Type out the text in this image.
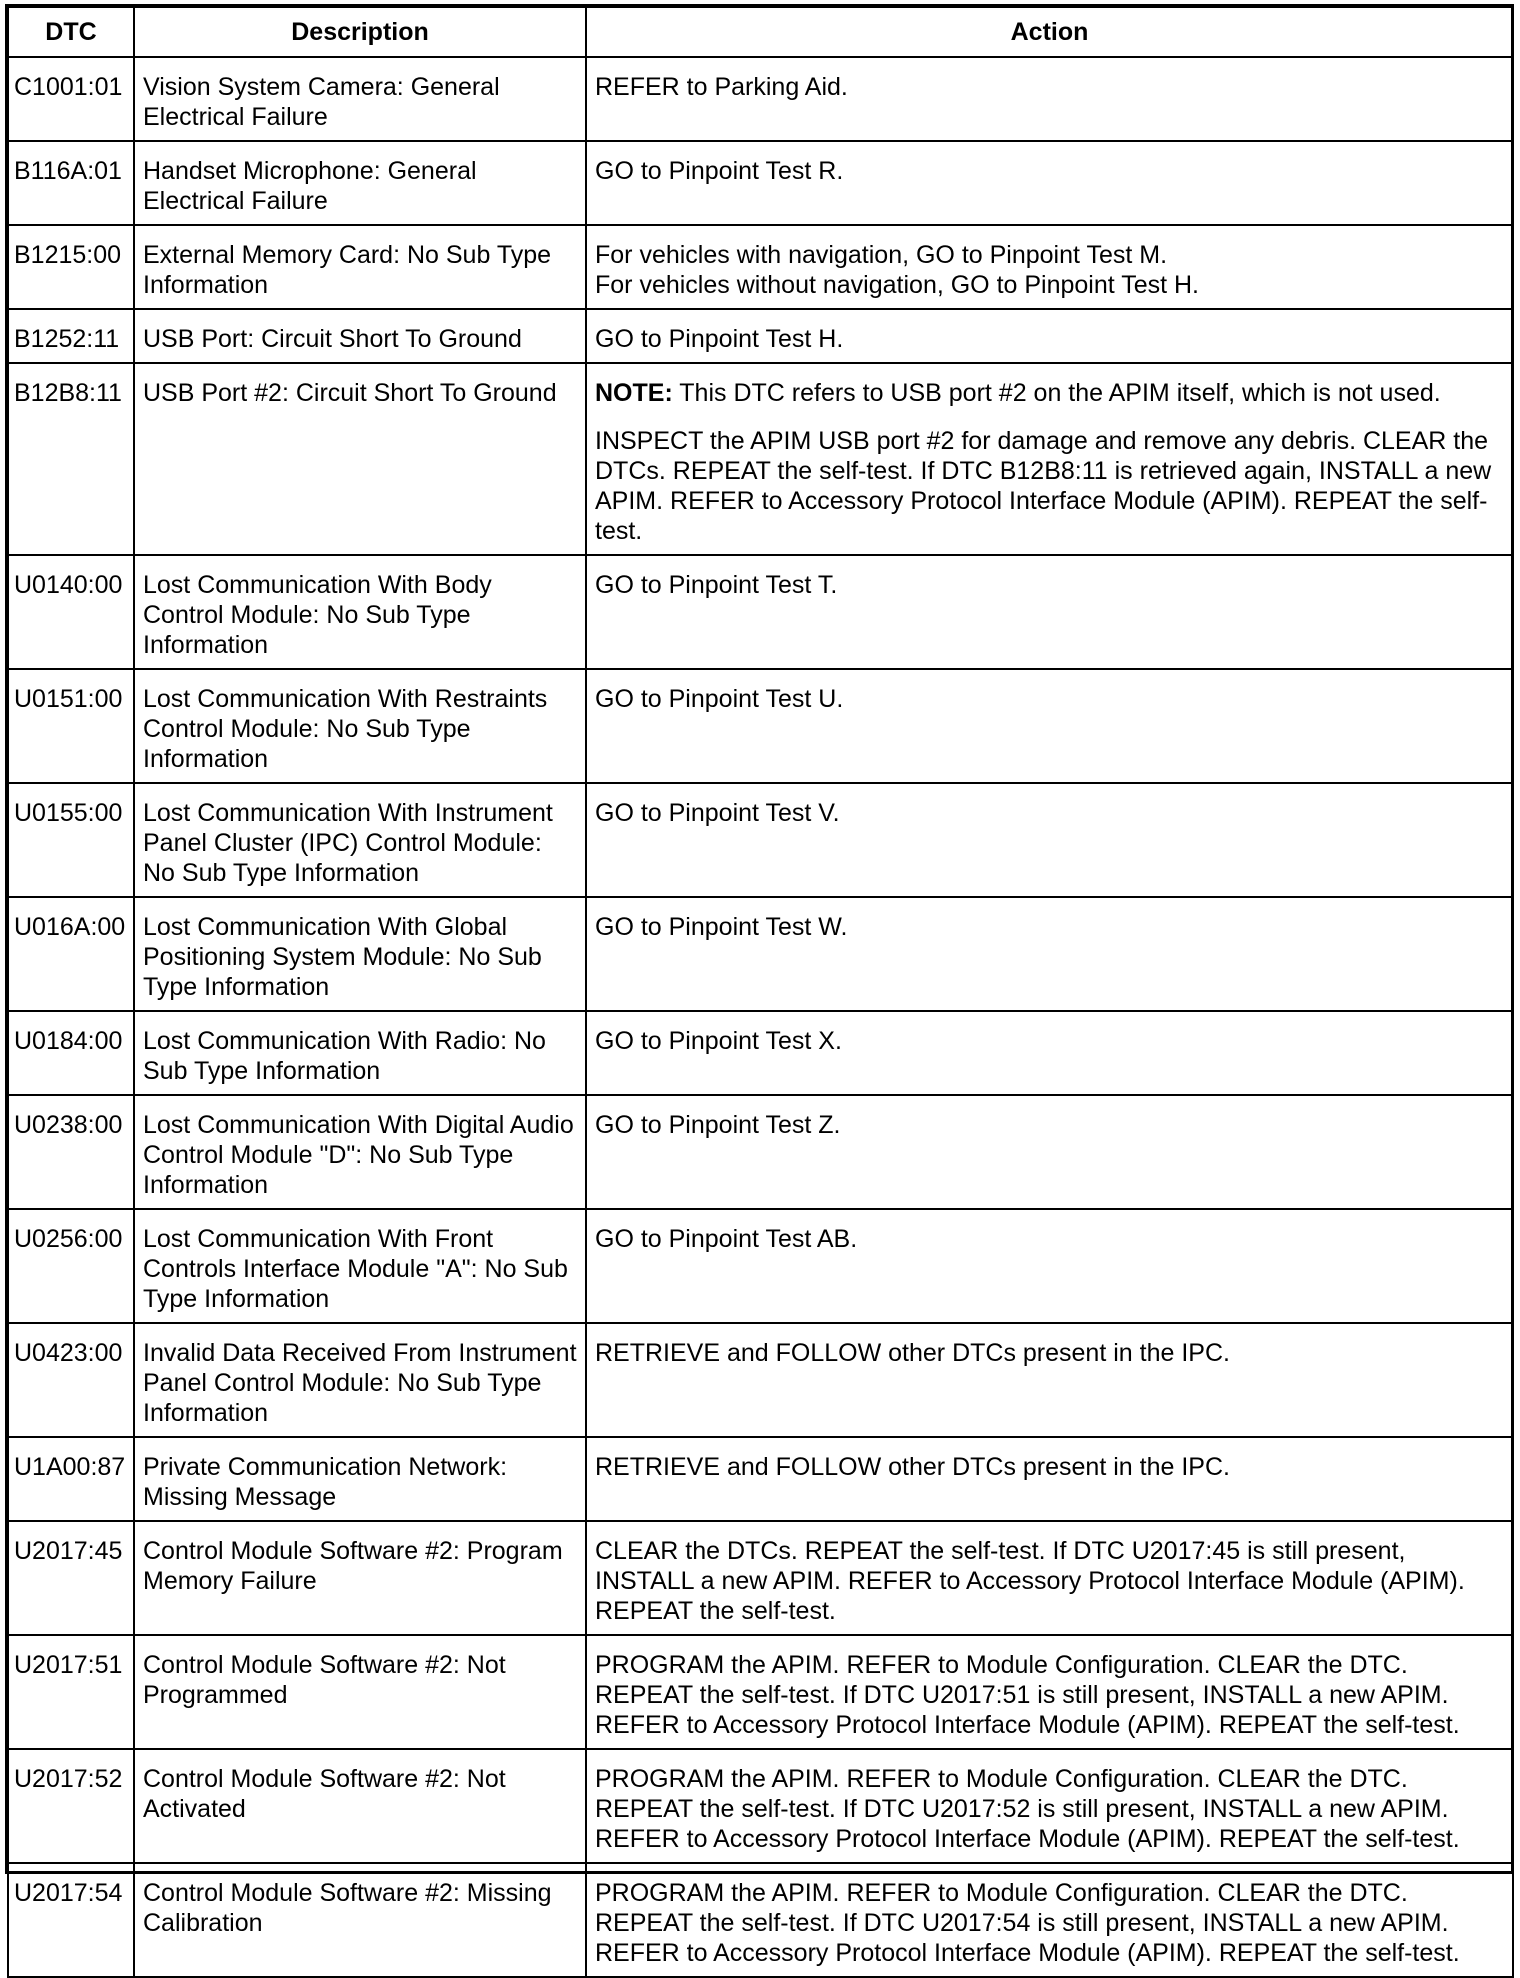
DTC	Description	Action
C1001:01	Vision System Camera: General Electrical Failure	REFER to Parking Aid.

B116A:01	Handset Microphone: General Electrical Failure	GO to Pinpoint Test R.

B1215:00	External Memory Card: No Sub Type Information	For vehicles with navigation, GO to Pinpoint Test M.

For vehicles without navigation, GO to Pinpoint Test H.

B1252:11	USB Port: Circuit Short To Ground	GO to Pinpoint Test H.

B12B8:11	USB Port #2: Circuit Short To Ground	NOTE: This DTC refers to USB port #2 on the APIM itself, which is not used.

INSPECT the APIM USB port #2 for damage and remove any debris. CLEAR the DTCs. REPEAT the self-test. If DTC B12B8:11 is retrieved again, INSTALL a new APIM. REFER to Accessory Protocol Interface Module (APIM). REPEAT the self-test.

U0140:00	Lost Communication With Body Control Module: No Sub Type Information	GO to Pinpoint Test T.

U0151:00	Lost Communication With Restraints Control Module: No Sub Type Information	GO to Pinpoint Test U.

U0155:00	Lost Communication With Instrument Panel Cluster (IPC) Control Module: No Sub Type Information	GO to Pinpoint Test V.

U016A:00	Lost Communication With Global Positioning System Module: No Sub Type Information	GO to Pinpoint Test W.

U0184:00	Lost Communication With Radio: No Sub Type Information	GO to Pinpoint Test X.

U0238:00	Lost Communication With Digital Audio Control Module "D": No Sub Type Information	GO to Pinpoint Test Z.

U0256:00	Lost Communication With Front Controls Interface Module "A": No Sub Type Information	GO to Pinpoint Test AB.

U0423:00	Invalid Data Received From Instrument Panel Control Module: No Sub Type Information	RETRIEVE and FOLLOW other DTCs present in the IPC.

U1A00:87	Private Communication Network: Missing Message	RETRIEVE and FOLLOW other DTCs present in the IPC.

U2017:45	Control Module Software #2: Program Memory Failure	CLEAR the DTCs. REPEAT the self-test. If DTC U2017:45 is still present, INSTALL a new APIM. REFER to Accessory Protocol Interface Module (APIM). REPEAT the self-test.

U2017:51	Control Module Software #2: Not Programmed	PROGRAM the APIM. REFER to Module Configuration. CLEAR the DTC. REPEAT the self-test. If DTC U2017:51 is still present, INSTALL a new APIM. REFER to Accessory Protocol Interface Module (APIM). REPEAT the self-test.

U2017:52	Control Module Software #2: Not Activated	PROGRAM the APIM. REFER to Module Configuration. CLEAR the DTC. REPEAT the self-test. If DTC U2017:52 is still present, INSTALL a new APIM. REFER to Accessory Protocol Interface Module (APIM). REPEAT the self-test.

U2017:54	Control Module Software #2: Missing Calibration	PROGRAM the APIM. REFER to Module Configuration. CLEAR the DTC. REPEAT the self-test. If DTC U2017:54 is still present, INSTALL a new APIM. REFER to Accessory Protocol Interface Module (APIM). REPEAT the self-test.
